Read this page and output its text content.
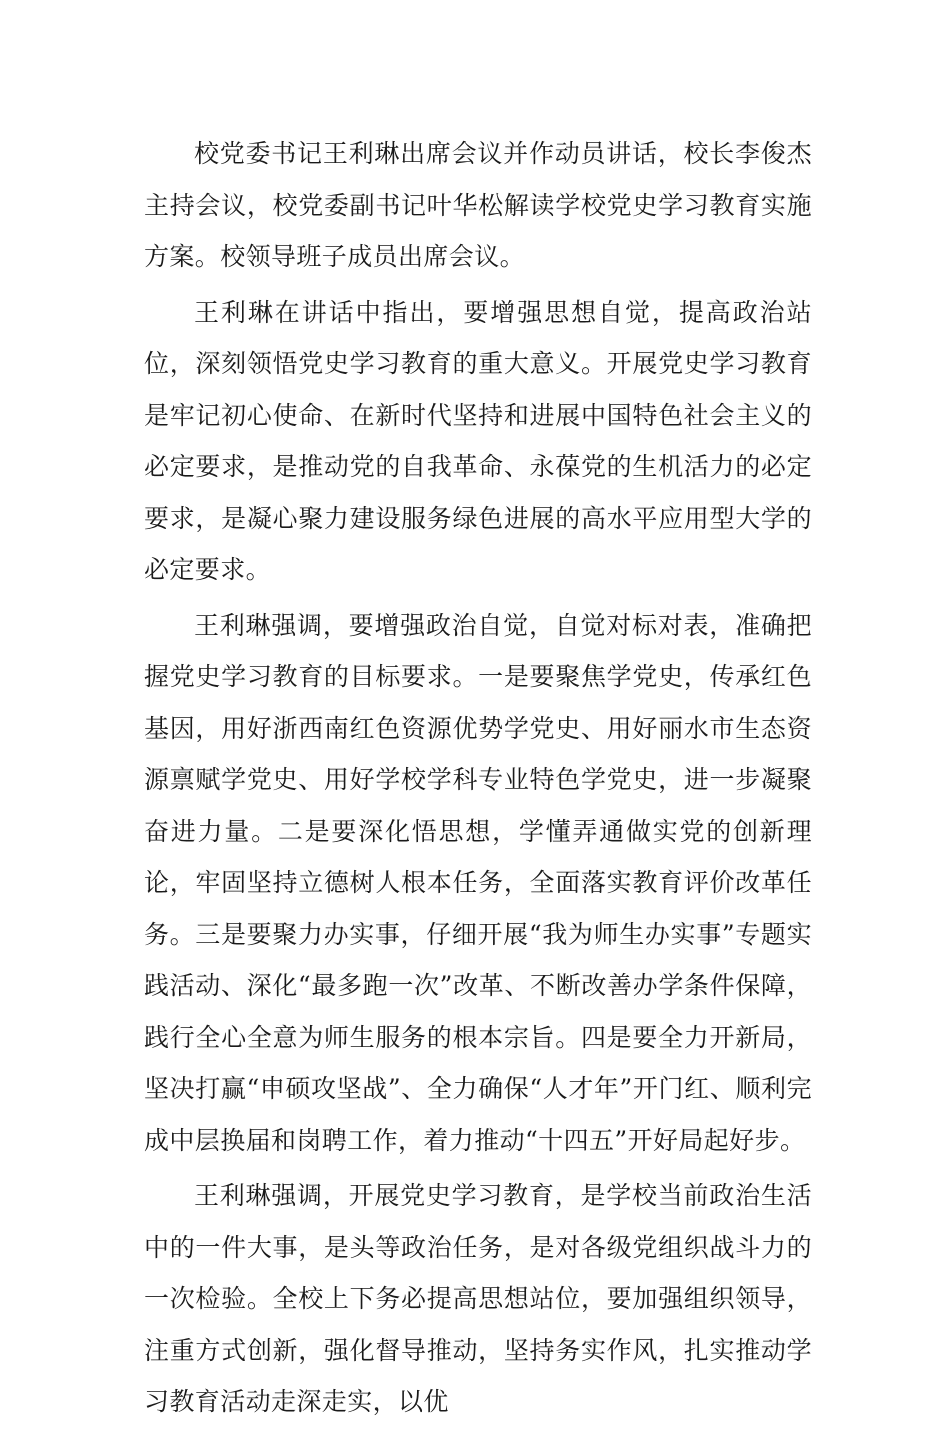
校党委书记王利琳出席会议并作动员讲话，校长李俊杰主持会议，校党委副书记叶华松解读学校党史学习教育实施方案。校领导班子成员出席会议。

王利琳在讲话中指出，要增强思想自觉，提高政治站位，深刻领悟党史学习教育的重大意义。开展党史学习教育是牢记初心使命、在新时代坚持和进展中国特色社会主义的必定要求，是推动党的自我革命、永葆党的生机活力的必定要求，是凝心聚力建设服务绿色进展的高水平应用型大学的必定要求。

王利琳强调，要增强政治自觉，自觉对标对表，准确把握党史学习教育的目标要求。一是要聚焦学党史，传承红色基因，用好浙西南红色资源优势学党史、用好丽水市生态资源禀赋学党史、用好学校学科专业特色学党史，进一步凝聚奋进力量。二是要深化悟思想，学懂弄通做实党的创新理论，牢固坚持立德树人根本任务，全面落实教育评价改革任务。三是要聚力办实事，仔细开展“我为师生办实事”专题实践活动、深化“最多跑一次”改革、不断改善办学条件保障，践行全心全意为师生服务的根本宗旨。四是要全力开新局，坚决打赢“申硕攻坚战”、全力确保“人才年”开门红、顺利完成中层换届和岗聘工作，着力推动“十四五”开好局起好步。

王利琳强调，开展党史学习教育，是学校当前政治生活中的一件大事，是头等政治任务，是对各级党组织战斗力的一次检验。全校上下务必提高思想站位，要加强组织领导，注重方式创新，强化督导推动，坚持务实作风，扎实推动学习教育活动走深走实，以优
